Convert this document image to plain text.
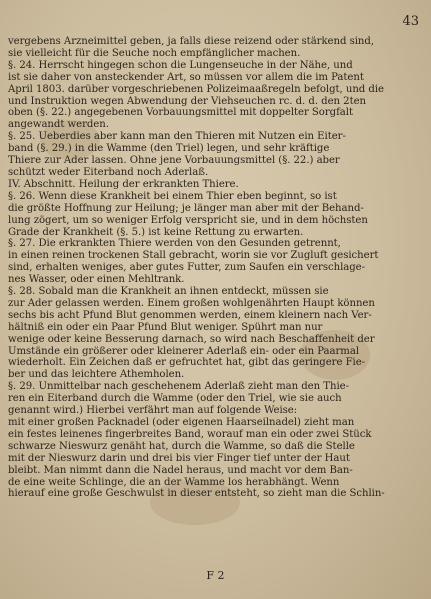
43
vergebens Arzneimittel geben, ja falls diese reizend oder stärkend sind,
sie vielleicht für die Seuche noch empfänglicher machen.
§. 24. Herrscht hingegen schon die Lungenseuche in der Nähe, und
ist sie daher von ansteckender Art, so müssen vor allem die im Patent
April 1803. darüber vorgeschriebenen Polizeimaaßregeln befolgt, und die
und Instruktion wegen Abwendung der Viehseuchen rc. d. d. den 2ten
oben (§. 22.) angegebenen Vorbauungsmittel mit doppelter Sorgfalt
angewandt werden.
§. 25. Ueberdies aber kann man den Thieren mit Nutzen ein Eiter-
band (§. 29.) in die Wamme (den Triel) legen, und sehr kräftige
Thiere zur Ader lassen. Ohne jene Vorbauungsmittel (§. 22.) aber
schützt weder Eiterband noch Aderlaß.
IV. Abschnitt. Heilung der erkrankten Thiere.
§. 26. Wenn diese Krankheit bei einem Thier eben beginnt, so ist
die größte Hoffnung zur Heilung; je länger man aber mit der Behand-
lung zögert, um so weniger Erfolg verspricht sie, und in dem höchsten
Grade der Krankheit (§. 5.) ist keine Rettung zu erwarten.
§. 27. Die erkrankten Thiere werden von den Gesunden getrennt,
in einen reinen trockenen Stall gebracht, worin sie vor Zugluft gesichert
sind, erhalten weniges, aber gutes Futter, zum Saufen ein verschlage-
nes Wasser, oder einen Mehltrank.
§. 28. Sobald man die Krankheit an ihnen entdeckt, müssen sie
zur Ader gelassen werden. Einem großen wohlgenährten Haupt können
sechs bis acht Pfund Blut genommen werden, einem kleinern nach Ver-
hältniß ein oder ein Paar Pfund Blut weniger. Spührt man nur
wenige oder keine Besserung darnach, so wird nach Beschaffenheit der
Umstände ein größerer oder kleinerer Aderlaß ein- oder ein Paarmal
wiederholt. Ein Zeichen daß er gefruchtet hat, gibt das geringere Fie-
ber und das leichtere Athemholen.
§. 29. Unmittelbar nach geschehenem Aderlaß zieht man den Thie-
ren ein Eiterband durch die Wamme (oder den Triel, wie sie auch
genannt wird.) Hierbei verfährt man auf folgende Weise:
mit einer großen Packnadel (oder eigenen Haarseilnadel) zieht man
ein festes leinenes fingerbreites Band, worauf man ein oder zwei Stück
schwarze Nieswurz genäht hat, durch die Wamme, so daß die Stelle
mit der Nieswurz darin und drei bis vier Finger tief unter der Haut
bleibt. Man nimmt dann die Nadel heraus, und macht vor dem Ban-
de eine weite Schlinge, die an der Wamme los herabhängt. Wenn
hierauf eine große Geschwulst in dieser entsteht, so zieht man die Schlin-
F 2
